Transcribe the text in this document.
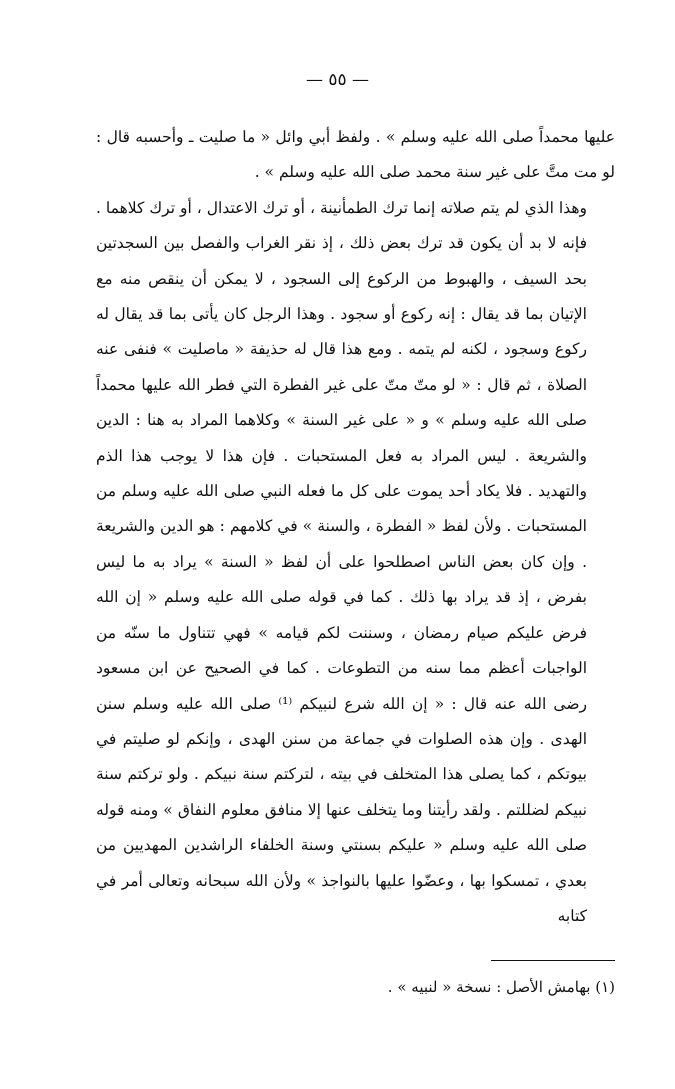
— ٥٥ —

عليها محمداً صلى الله عليه وسلم » . ولفظ أبي وائل « ما صليت ـ وأحسبه قال : لو مت متَّ على غير سنة محمد صلى الله عليه وسلم » .

وهذا الذي لم يتم صلاته إنما ترك الطمأنينة ، أو ترك الاعتدال ، أو ترك كلاهما . فإنه لا بد أن يكون قد ترك بعض ذلك ، إذ نقر الغراب والفصل بين السجدتين بحد السيف ، والهبوط من الركوع إلى السجود ، لا يمكن أن ينقص منه مع الإتيان بما قد يقال : إنه ركوع أو سجود . وهذا الرجل كان يأتى بما قد يقال له ركوع وسجود ، لكنه لم يتمه . ومع هذا قال له حذيفة « ماصليت » فنفى عنه الصلاة ، ثم قال : « لو متّ متّ على غير الفطرة التي فطر الله عليها محمداً صلى الله عليه وسلم » و « على غير السنة » وكلاهما المراد به هنا : الدين والشريعة . ليس المراد به فعل المستحبات . فإن هذا لا يوجب هذا الذم والتهديد . فلا يكاد أحد يموت على كل ما فعله النبي صلى الله عليه وسلم من المستحبات . ولأن لفظ « الفطرة ، والسنة » في كلامهم : هو الدين والشريعة . وإن كان بعض الناس اصطلحوا على أن لفظ « السنة » يراد به ما ليس بفرض ، إذ قد يراد بها ذلك . كما في قوله صلى الله عليه وسلم « إن الله فرض عليكم صيام رمضان ، وسننت لكم قيامه » فهي تتناول ما سنّه من الواجبات أعظم مما سنه من التطوعات . كما في الصحيح عن ابن مسعود رضى الله عنه قال : « إن الله شرع لنبيكم ⁽¹⁾ صلى الله عليه وسلم سنن الهدى . وإن هذه الصلوات في جماعة من سنن الهدى ، وإنكم لو صليتم في بيوتكم ، كما يصلى هذا المتخلف في بيته ، لتركتم سنة نبيكم . ولو تركتم سنة نبيكم لضللتم . ولقد رأيتنا وما يتخلف عنها إلا منافق معلوم النفاق » ومنه قوله صلى الله عليه وسلم « عليكم بسنتي وسنة الخلفاء الراشدين المهديين من بعدي ، تمسكوا بها ، وعضّوا عليها بالنواجذ » ولأن الله سبحانه وتعالى أمر في كتابه

(١) بهامش الأصل : نسخة « لنبيه » .
